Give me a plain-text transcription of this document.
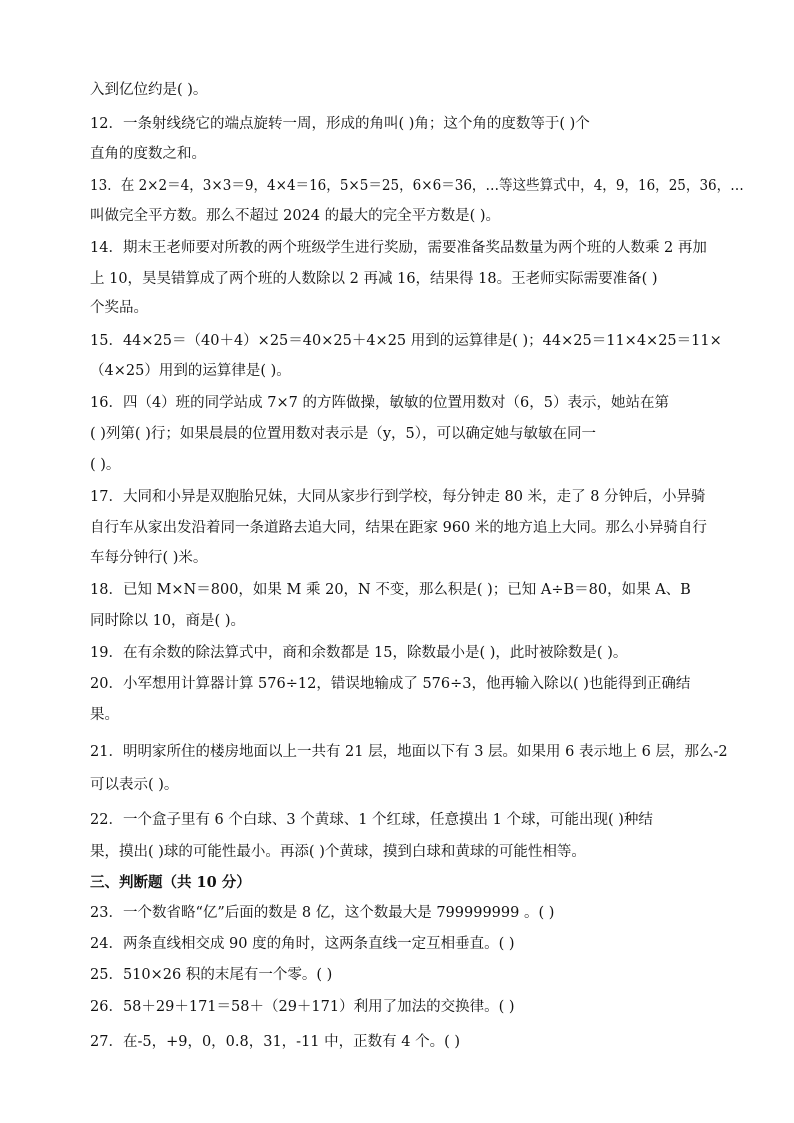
入到亿位约是( )。
12．一条射线绕它的端点旋转一周，形成的角叫( )角；这个角的度数等于( )个
直角的度数之和。
13．在 2×2＝4，3×3＝9，4×4＝16，5×5＝25，6×6＝36，…等这些算式中，4，9，16，25，36，…
叫做完全平方数。那么不超过 2024 的最大的完全平方数是( )。
14．期末王老师要对所教的两个班级学生进行奖励，需要准备奖品数量为两个班的人数乘 2 再加
上 10，昊昊错算成了两个班的人数除以 2 再减 16，结果得 18。王老师实际需要准备( )
个奖品。
15．44×25＝（40＋4）×25＝40×25＋4×25 用到的运算律是( )；44×25＝11×4×25＝11×
（4×25）用到的运算律是( )。
16．四（4）班的同学站成 7×7 的方阵做操，敏敏的位置用数对（6，5）表示，她站在第
( )列第( )行；如果晨晨的位置用数对表示是（y，5），可以确定她与敏敏在同一
( )。
17．大同和小异是双胞胎兄妹，大同从家步行到学校，每分钟走 80 米，走了 8 分钟后，小异骑
自行车从家出发沿着同一条道路去追大同，结果在距家 960 米的地方追上大同。那么小异骑自行
车每分钟行( )米。
18．已知 M×N＝800，如果 M 乘 20，N 不变，那么积是( )；已知 A÷B＝80，如果 A、B
同时除以 10，商是( )。
19．在有余数的除法算式中，商和余数都是 15，除数最小是( )，此时被除数是( )。
20．小军想用计算器计算 576÷12，错误地输成了 576÷3，他再输入除以( )也能得到正确结
果。
21．明明家所住的楼房地面以上一共有 21 层，地面以下有 3 层。如果用 6 表示地上 6 层，那么-2
可以表示( )。
22．一个盒子里有 6 个白球、3 个黄球、1 个红球，任意摸出 1 个球，可能出现( )种结
果，摸出( )球的可能性最小。再添( )个黄球，摸到白球和黄球的可能性相等。
三、判断题（共 10 分）
23．一个数省略“亿”后面的数是 8 亿，这个数最大是 799999999 。( )
24．两条直线相交成 90 度的角时，这两条直线一定互相垂直。( )
25．510×26 积的末尾有一个零。( )
26．58＋29＋171＝58＋（29＋171）利用了加法的交换律。( )
27．在-5，+9，0，0.8，31，-11 中，正数有 4 个。( )
